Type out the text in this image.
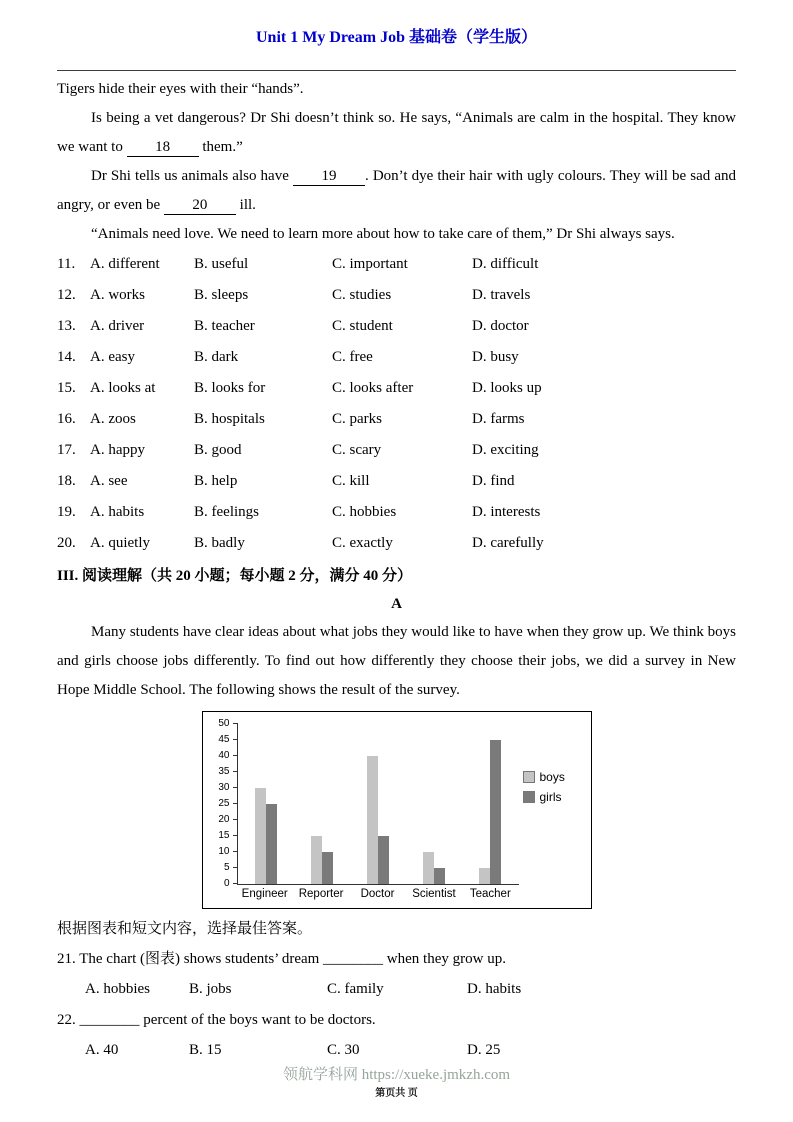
Unit 1 My Dream Job 基础卷（学生版）
Tigers hide their eyes with their “hands”.
Is being a vet dangerous? Dr Shi doesn’t think so. He says, “Animals are calm in the hospital. They know we want to 18 them.”
Dr Shi tells us animals also have 19 . Don’t dye their hair with ugly colours. They will be sad and angry, or even be 20 ill.
“Animals need love. We need to learn more about how to take care of them,” Dr Shi always says.
11. A. different	B. useful	C. important	D. difficult
12. A. works	B. sleeps	C. studies	D. travels
13. A. driver	B. teacher	C. student	D. doctor
14. A. easy	B. dark	C. free	D. busy
15. A. looks at	B. looks for	C. looks after	D. looks up
16. A. zoos	B. hospitals	C. parks	D. farms
17. A. happy	B. good	C. scary	D. exciting
18. A. see	B. help	C. kill	D. find
19. A. habits	B. feelings	C. hobbies	D. interests
20. A. quietly	B. badly	C. exactly	D. carefully
III. 阅读理解（共 20 小题；每小题 2 分，满分 40 分）
A
Many students have clear ideas about what jobs they would like to have when they grow up. We think boys and girls choose jobs differently. To find out how differently they choose their jobs, we did a survey in New Hope Middle School. The following shows the result of the survey.
0
5
10
15
20
25
30
35
40
45
50
Engineer Reporter	Doctor	Scientist	Teacher
boys
girls
根据图表和短文内容，选择最佳答案。
21. The chart (图表) shows students’ dream ________ when they grow up.
A. hobbies	B. jobs	C. family	D. habits
22. ________ percent of the boys want to be doctors.
A. 40	B. 15	C. 30	D. 25
领航学科网 https://xueke.jmkzh.com
第页共 页
